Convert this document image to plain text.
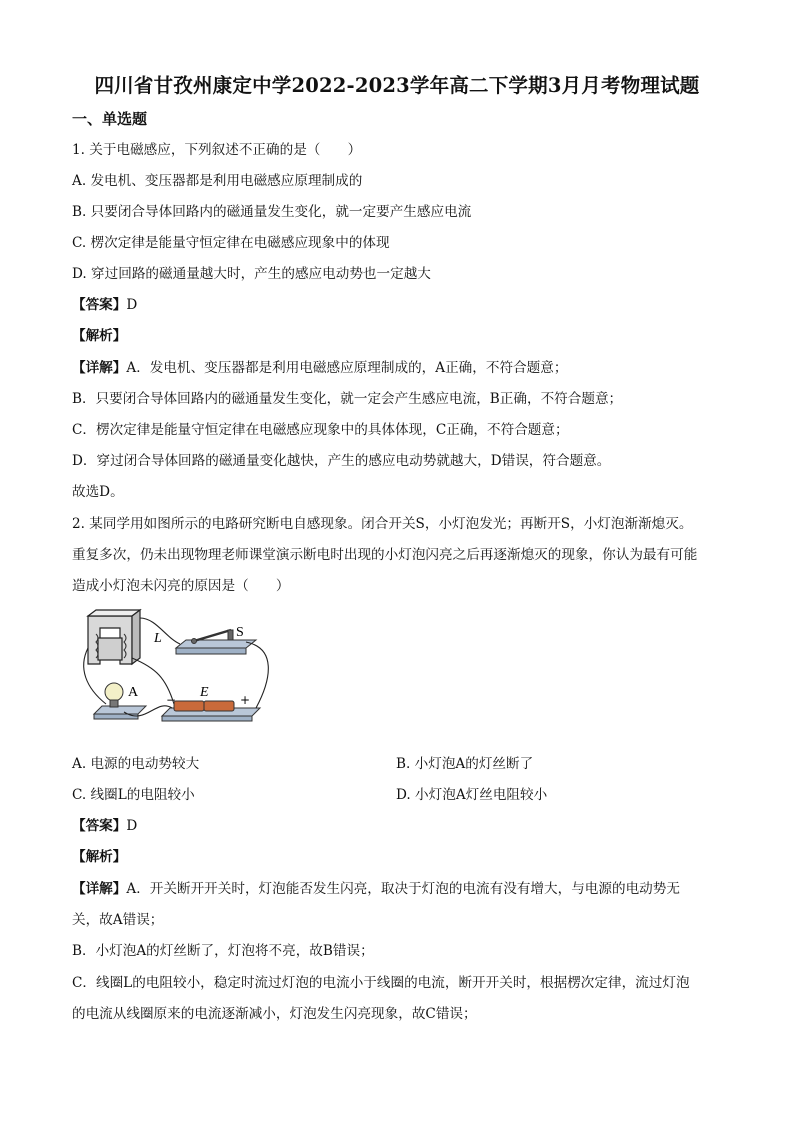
四川省甘孜州康定中学2022-2023学年高二下学期3月月考物理试题
一、单选题
1. 关于电磁感应，下列叙述不正确的是（　　）
A. 发电机、变压器都是利用电磁感应原理制成的
B. 只要闭合导体回路内的磁通量发生变化，就一定要产生感应电流
C. 楞次定律是能量守恒定律在电磁感应现象中的体现
D. 穿过回路的磁通量越大时，产生的感应电动势也一定越大
【答案】D
【解析】
【详解】A．发电机、变压器都是利用电磁感应原理制成的，A正确，不符合题意；
B．只要闭合导体回路内的磁通量发生变化，就一定会产生感应电流，B正确，不符合题意；
C．楞次定律是能量守恒定律在电磁感应现象中的具体体现，C正确，不符合题意；
D．穿过闭合导体回路的磁通量变化越快，产生的感应电动势就越大，D错误，符合题意。
故选D。
2. 某同学用如图所示的电路研究断电自感现象。闭合开关S，小灯泡发光；再断开S，小灯泡渐渐熄灭。
重复多次，仍未出现物理老师课堂演示断电时出现的小灯泡闪亮之后再逐渐熄灭的现象，你认为最有可能
造成小灯泡未闪亮的原因是（　　）
L	S
A	E
−	+
A. 电源的电动势较大	B. 小灯泡A的灯丝断了
C. 线圈L的电阻较小	D. 小灯泡A灯丝电阻较小
【答案】D
【解析】
【详解】A．开关断开开关时，灯泡能否发生闪亮，取决于灯泡的电流有没有增大，与电源的电动势无
关，故A错误；
B．小灯泡A的灯丝断了，灯泡将不亮，故B错误；
C．线圈L的电阻较小，稳定时流过灯泡的电流小于线圈的电流，断开开关时，根据楞次定律，流过灯泡
的电流从线圈原来的电流逐渐减小，灯泡发生闪亮现象，故C错误；
